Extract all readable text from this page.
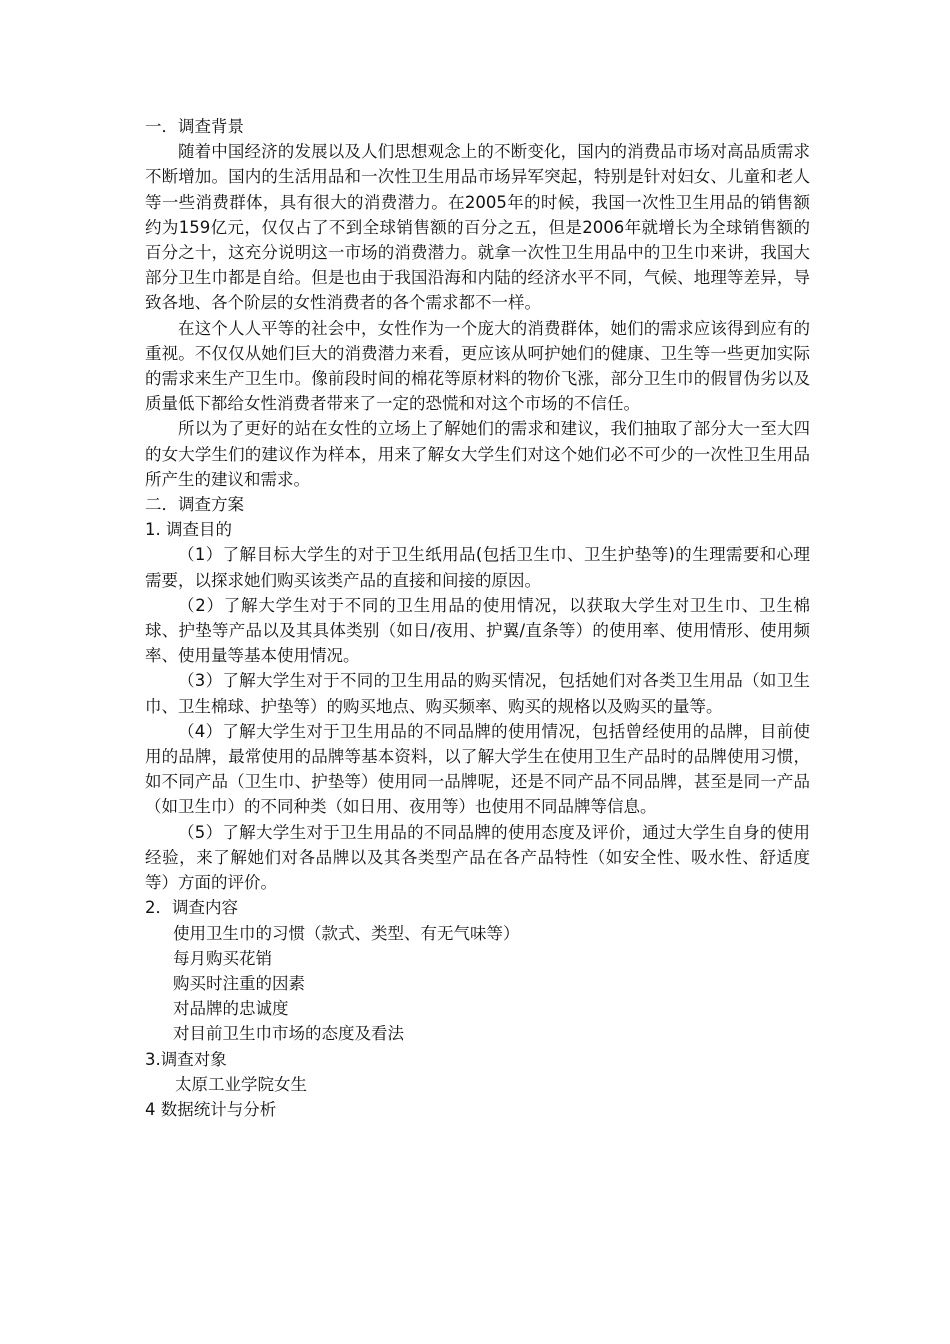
一．调查背景

随着中国经济的发展以及人们思想观念上的不断变化，国内的消费品市场对高品质需求不断增加。国内的生活用品和一次性卫生用品市场异军突起，特别是针对妇女、儿童和老人等一些消费群体，具有很大的消费潜力。在2005年的时候，我国一次性卫生用品的销售额约为159亿元，仅仅占了不到全球销售额的百分之五，但是2006年就增长为全球销售额的百分之十，这充分说明这一市场的消费潜力。就拿一次性卫生用品中的卫生巾来讲，我国大部分卫生巾都是自给。但是也由于我国沿海和内陆的经济水平不同，气候、地理等差异，导致各地、各个阶层的女性消费者的各个需求都不一样。

在这个人人平等的社会中，女性作为一个庞大的消费群体，她们的需求应该得到应有的重视。不仅仅从她们巨大的消费潜力来看，更应该从呵护她们的健康、卫生等一些更加实际的需求来生产卫生巾。像前段时间的棉花等原材料的物价飞涨，部分卫生巾的假冒伪劣以及质量低下都给女性消费者带来了一定的恐慌和对这个市场的不信任。

所以为了更好的站在女性的立场上了解她们的需求和建议，我们抽取了部分大一至大四的女大学生们的建议作为样本，用来了解女大学生们对这个她们必不可少的一次性卫生用品所产生的建议和需求。

二．调查方案

1. 调查目的

（1）了解目标大学生的对于卫生纸用品(包括卫生巾、卫生护垫等)的生理需要和心理需要，以探求她们购买该类产品的直接和间接的原因。

（2）了解大学生对于不同的卫生用品的使用情况，以获取大学生对卫生巾、卫生棉球、护垫等产品以及其具体类别（如日/夜用、护翼/直条等）的使用率、使用情形、使用频率、使用量等基本使用情况。

（3）了解大学生对于不同的卫生用品的购买情况，包括她们对各类卫生用品（如卫生巾、卫生棉球、护垫等）的购买地点、购买频率、购买的规格以及购买的量等。

（4）了解大学生对于卫生用品的不同品牌的使用情况，包括曾经使用的品牌，目前使用的品牌，最常使用的品牌等基本资料，以了解大学生在使用卫生产品时的品牌使用习惯，如不同产品（卫生巾、护垫等）使用同一品牌呢，还是不同产品不同品牌，甚至是同一产品（如卫生巾）的不同种类（如日用、夜用等）也使用不同品牌等信息。

（5）了解大学生对于卫生用品的不同品牌的使用态度及评价，通过大学生自身的使用经验，来了解她们对各品牌以及其各类型产品在各产品特性（如安全性、吸水性、舒适度等）方面的评价。

2．调查内容

使用卫生巾的习惯（款式、类型、有无气味等）

每月购买花销

购买时注重的因素

对品牌的忠诚度

对目前卫生巾市场的态度及看法

3.调查对象

太原工业学院女生

4 数据统计与分析
